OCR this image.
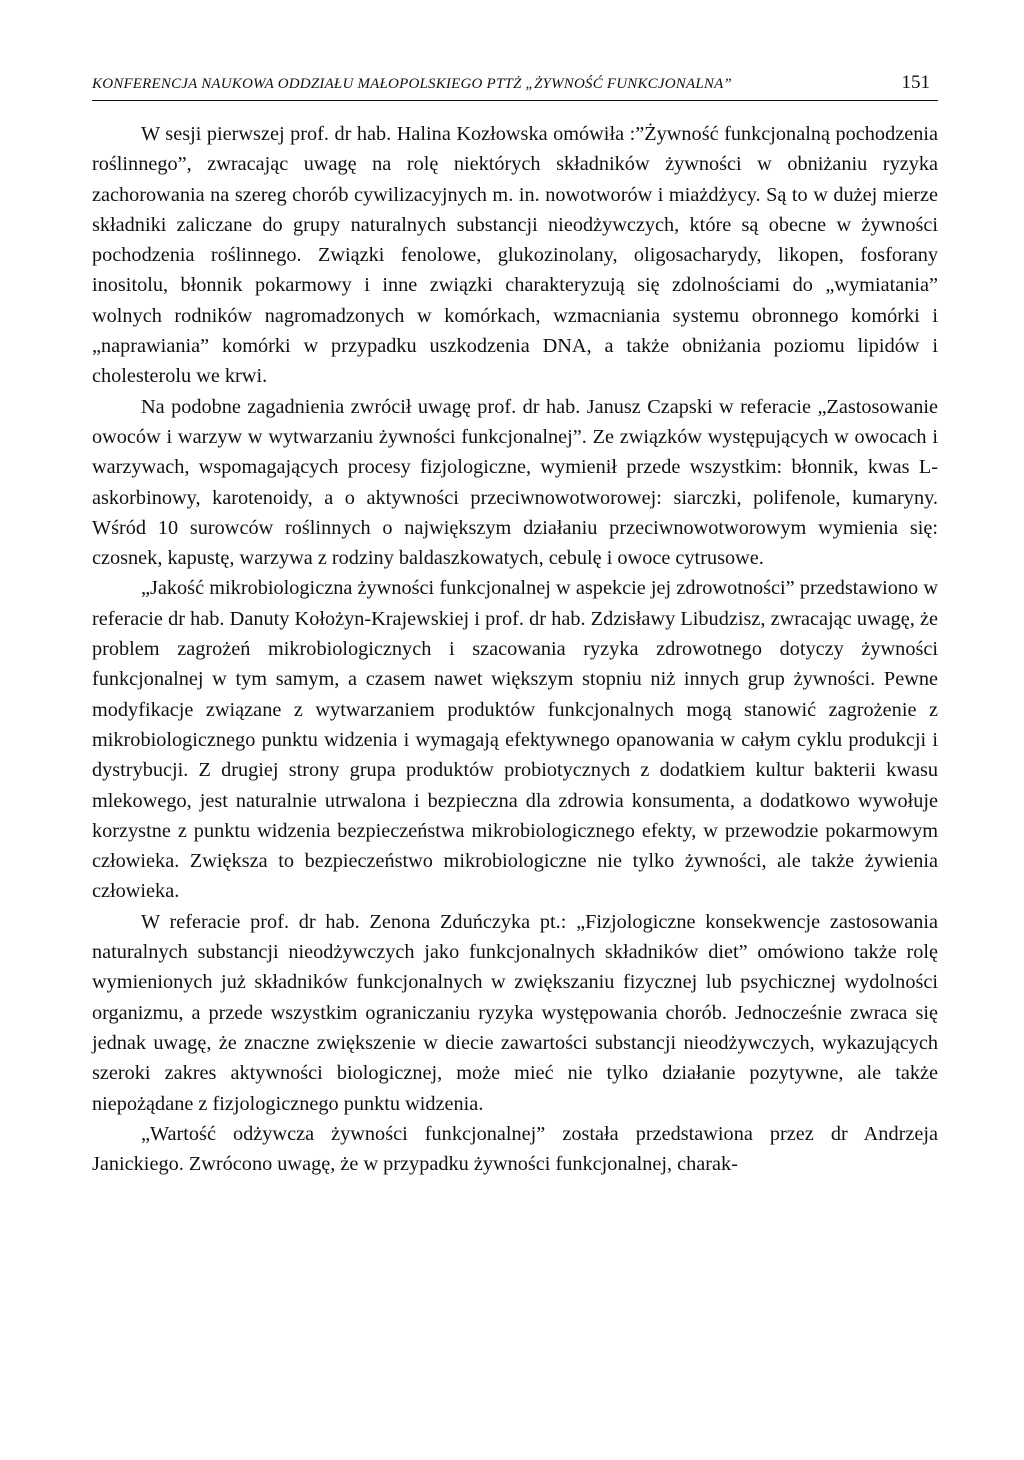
KONFERENCJA NAUKOWA ODDZIAŁU MAŁOPOLSKIEGO PTTŻ „ŻYWNOŚĆ FUNKCJONALNA”	151

W sesji pierwszej prof. dr hab. Halina Kozłowska omówiła :”Żywność funkcjonalną pochodzenia roślinnego”, zwracając uwagę na rolę niektórych składników żywności w obniżaniu ryzyka zachorowania na szereg chorób cywilizacyjnych m. in. nowotworów i miażdżycy. Są to w dużej mierze składniki zaliczane do grupy naturalnych substancji nieodżywczych, które są obecne w żywności pochodzenia roślinnego. Związki fenolowe, glukozinolany, oligosacharydy, likopen, fosforany inositolu, błonnik pokarmowy i inne związki charakteryzują się zdolnościami do „wymiatania” wolnych rodników nagromadzonych w komórkach, wzmacniania systemu obronnego komórki i „naprawiania” komórki w przypadku uszkodzenia DNA, a także obniżania poziomu lipidów i cholesterolu we krwi.

Na podobne zagadnienia zwrócił uwagę prof. dr hab. Janusz Czapski w referacie „Zastosowanie owoców i warzyw w wytwarzaniu żywności funkcjonalnej”. Ze związków występujących w owocach i warzywach, wspomagających procesy fizjologiczne, wymienił przede wszystkim: błonnik, kwas L-askorbinowy, karotenoidy, a o aktywności przeciwnowotworowej: siarczki, polifenole, kumaryny. Wśród 10 surowców roślinnych o największym działaniu przeciwnowotworowym wymienia się: czosnek, kapustę, warzywa z rodziny baldaszkowatych, cebulę i owoce cytrusowe.

„Jakość mikrobiologiczna żywności funkcjonalnej w aspekcie jej zdrowotności” przedstawiono w referacie dr hab. Danuty Kołożyn-Krajewskiej i prof. dr hab. Zdzisławy Libudzisz, zwracając uwagę, że problem zagrożeń mikrobiologicznych i szacowania ryzyka zdrowotnego dotyczy żywności funkcjonalnej w tym samym, a czasem nawet większym stopniu niż innych grup żywności. Pewne modyfikacje związane z wytwarzaniem produktów funkcjonalnych mogą stanowić zagrożenie z mikrobiologicznego punktu widzenia i wymagają efektywnego opanowania w całym cyklu produkcji i dystrybucji. Z drugiej strony grupa produktów probiotycznych z dodatkiem kultur bakterii kwasu mlekowego, jest naturalnie utrwalona i bezpieczna dla zdrowia konsumenta, a dodatkowo wywołuje korzystne z punktu widzenia bezpieczeństwa mikrobiologicznego efekty, w przewodzie pokarmowym człowieka. Zwiększa to bezpieczeństwo mikrobiologiczne nie tylko żywności, ale także żywienia człowieka.

W referacie prof. dr hab. Zenona Zduńczyka pt.: „Fizjologiczne konsekwencje zastosowania naturalnych substancji nieodżywczych jako funkcjonalnych składników diet” omówiono także rolę wymienionych już składników funkcjonalnych w zwiększaniu fizycznej lub psychicznej wydolności organizmu, a przede wszystkim ograniczaniu ryzyka występowania chorób. Jednocześnie zwraca się jednak uwagę, że znaczne zwiększenie w diecie zawartości substancji nieodżywczych, wykazujących szeroki zakres aktywności biologicznej, może mieć nie tylko działanie pozytywne, ale także niepożądane z fizjologicznego punktu widzenia.

„Wartość odżywcza żywności funkcjonalnej” została przedstawiona przez dr Andrzeja Janickiego. Zwrócono uwagę, że w przypadku żywności funkcjonalnej, charak-
